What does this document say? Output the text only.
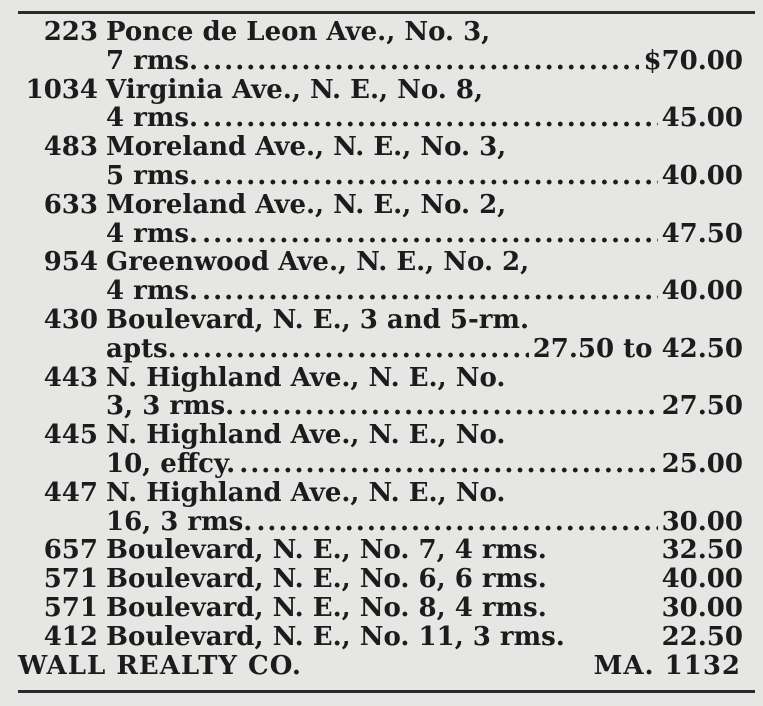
223 Ponce de Leon Ave., No. 3,
7 rms. .....	$70.00
1034 Virginia Ave., N. E., No. 8,
4 rms. .....	45.00
483 Moreland Ave., N. E., No. 3,
5 rms. .....	40.00
633 Moreland Ave., N. E., No. 2,
4 rms. .....	47.50
954 Greenwood Ave., N. E., No. 2,
4 rms. .....	40.00
430 Boulevard, N. E., 3 and 5-rm.
apts. .....	27.50 to 42.50
443 N. Highland Ave., N. E., No.
3, 3 rms. .....	27.50
445 N. Highland Ave., N. E., No.
10, effcy. .....	25.00
447 N. Highland Ave., N. E., No.
16, 3 rms. .....	30.00
657 Boulevard, N. E., No. 7, 4 rms.	32.50
571 Boulevard, N. E., No. 6, 6 rms.	40.00
571 Boulevard, N. E., No. 8, 4 rms.	30.00
412 Boulevard, N. E., No. 11, 3 rms.	22.50
WALL REALTY CO.	MA. 1132
